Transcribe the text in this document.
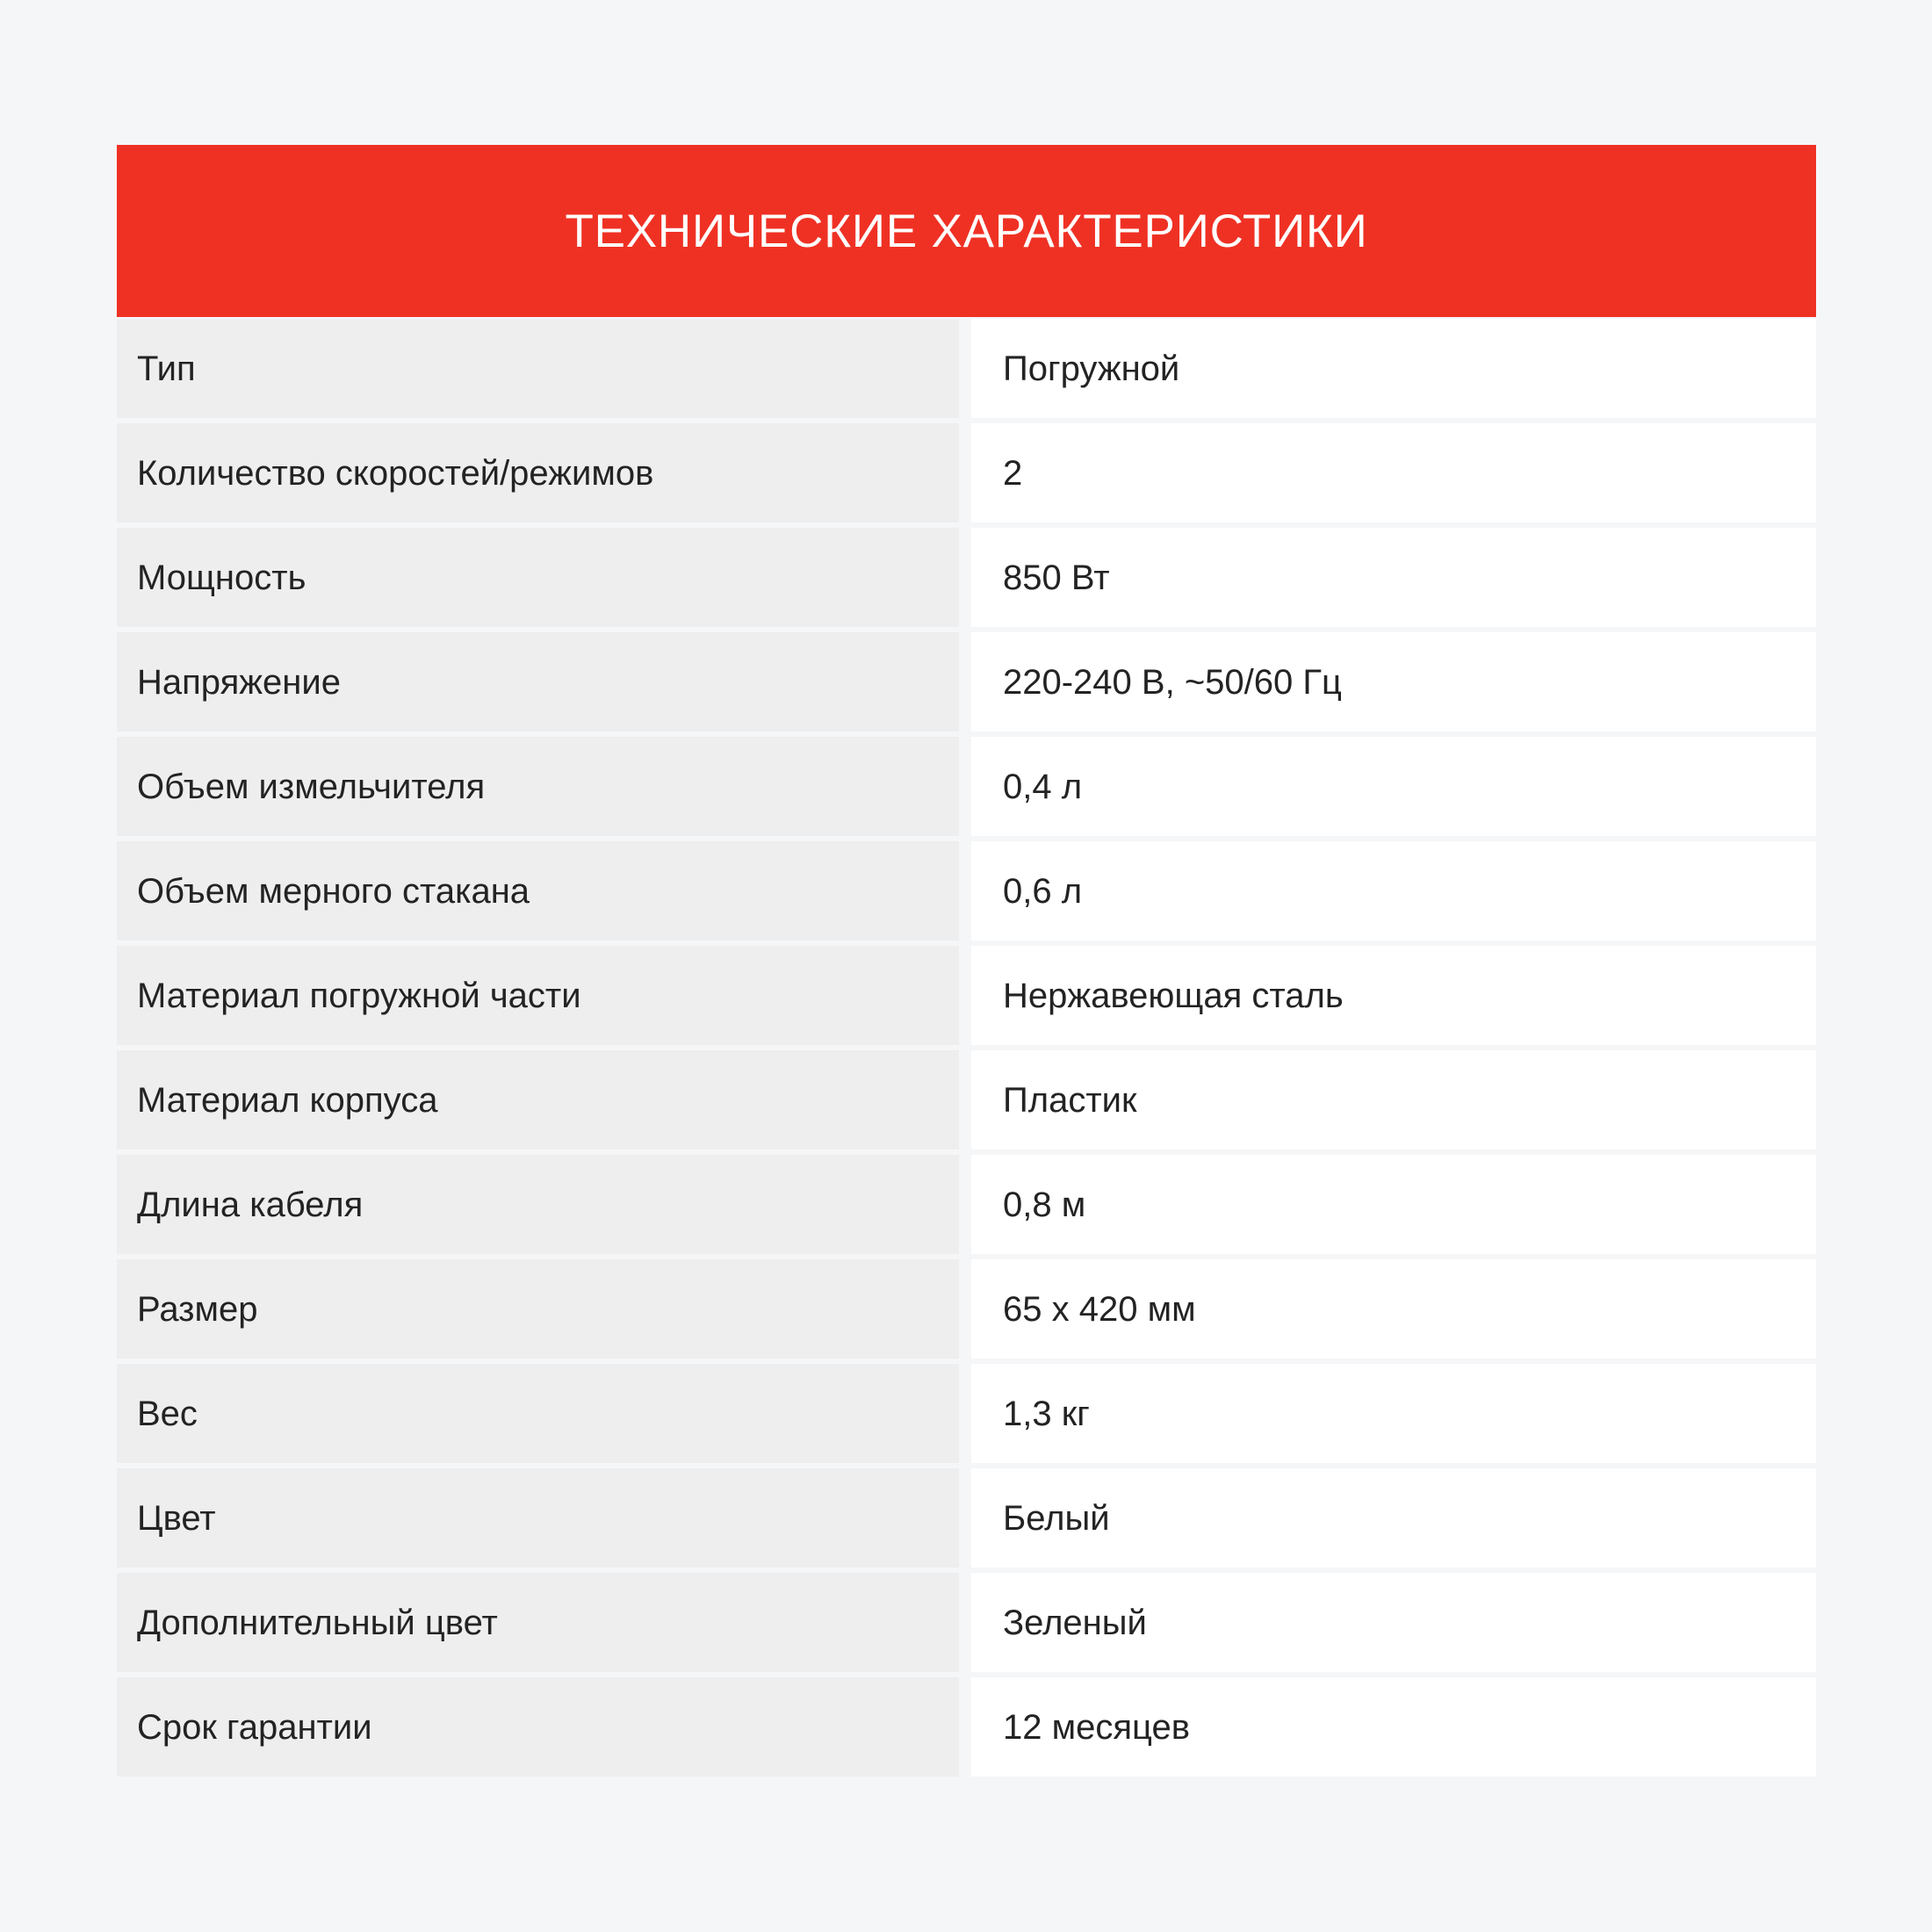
ТЕХНИЧЕСКИЕ ХАРАКТЕРИСТИКИ
Тип	Погружной
Количество скоростей/режимов	2
Мощность	850 Вт
Напряжение	220-240 В, ~50/60 Гц
Объем измельчителя	0,4 л
Объем мерного стакана	0,6 л
Материал погружной части	Нержавеющая сталь
Материал корпуса	Пластик
Длина кабеля	0,8 м
Размер	65 x 420 мм
Вес	1,3 кг
Цвет	Белый
Дополнительный цвет	Зеленый
Срок гарантии	12 месяцев
